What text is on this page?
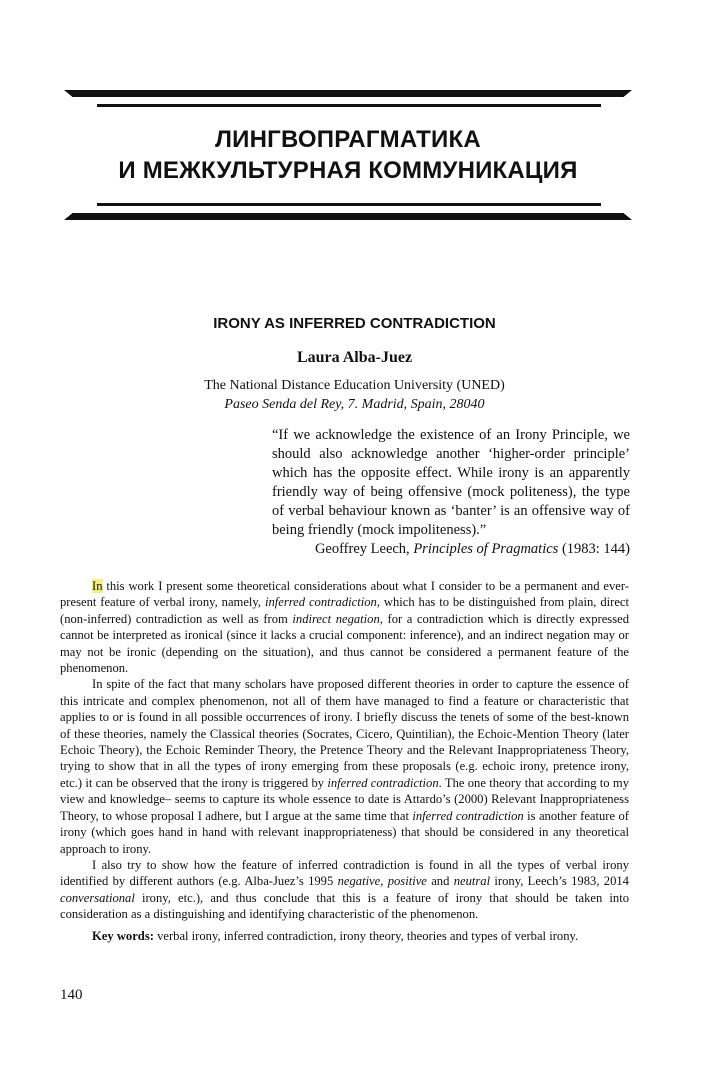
ЛИНГВОПРАГМАТИКА
И МЕЖКУЛЬТУРНАЯ КОММУНИКАЦИЯ
IRONY AS INFERRED CONTRADICTION
Laura Alba-Juez
The National Distance Education University (UNED)
Paseo Senda del Rey, 7. Madrid, Spain, 28040
“If we acknowledge the existence of an Irony Principle, we should also acknowledge another ‘higher-order principle’ which has the opposite effect. While irony is an apparently friendly way of being offensive (mock politeness), the type of verbal behaviour known as ‘banter’ is an offensive way of being friendly (mock impoliteness).”
Geoffrey Leech, Principles of Pragmatics (1983: 144)

In this work I present some theoretical considerations about what I consider to be a permanent and ever-present feature of verbal irony, namely, inferred contradiction, which has to be distinguished from plain, direct (non-inferred) contradiction as well as from indirect negation, for a contradiction which is directly expressed cannot be interpreted as ironical (since it lacks a crucial component: inference), and an indirect negation may or may not be ironic (depending on the situation), and thus cannot be considered a permanent feature of the phenomenon.

In spite of the fact that many scholars have proposed different theories in order to capture the essence of this intricate and complex phenomenon, not all of them have managed to find a feature or characteristic that applies to or is found in all possible occurrences of irony. I briefly discuss the tenets of some of the best-known of these theories, namely the Classical theories (Socrates, Cicero, Quintilian), the Echoic-Mention Theory (later Echoic Theory), the Echoic Reminder Theory, the Pretence Theory and the Relevant Inappropriateness Theory, trying to show that in all the types of irony emerging from these proposals (e.g. echoic irony, pretence irony, etc.) it can be observed that the irony is triggered by inferred contradiction. The one theory that according to my view and knowledge– seems to capture its whole essence to date is Attardo’s (2000) Relevant Inappropriateness Theory, to whose proposal I adhere, but I argue at the same time that inferred contradiction is another feature of irony (which goes hand in hand with relevant inappropriateness) that should be considered in any theoretical approach to irony.

I also try to show how the feature of inferred contradiction is found in all the types of verbal irony identified by different authors (e.g. Alba-Juez’s 1995 negative, positive and neutral irony, Leech’s 1983, 2014 conversational irony, etc.), and thus conclude that this is a feature of irony that should be taken into consideration as a distinguishing and identifying characteristic of the phenomenon.

Key words: verbal irony, inferred contradiction, irony theory, theories and types of verbal irony.

140
